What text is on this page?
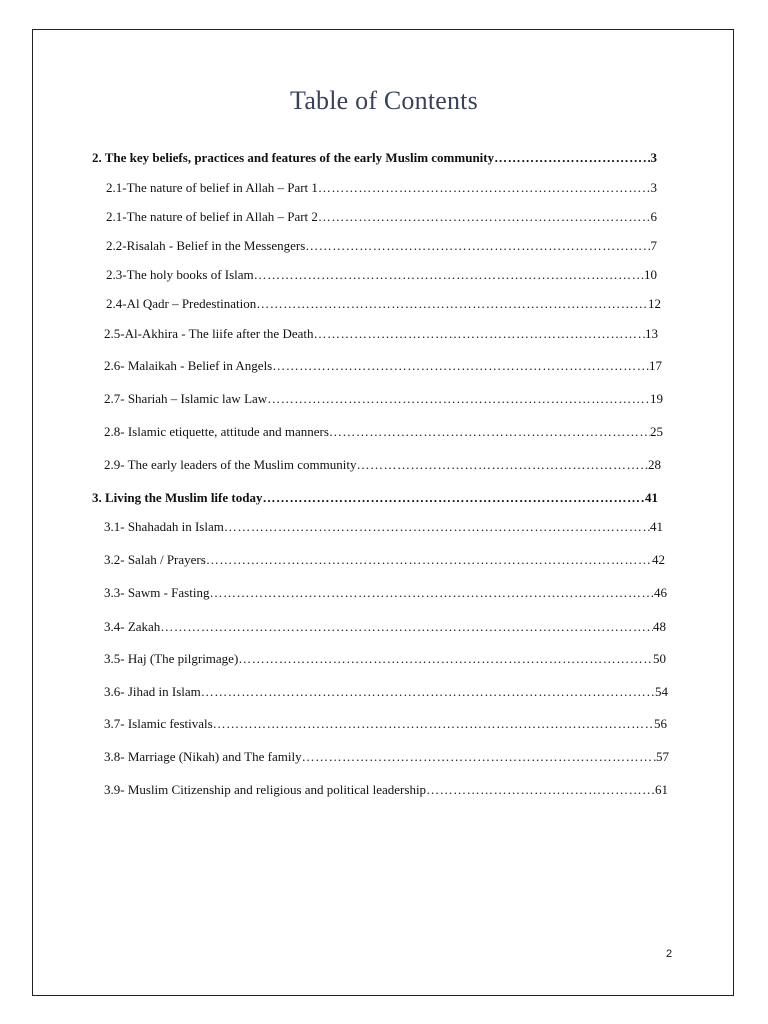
Table of Contents
2. The key beliefs, practices and features of the early Muslim community ……………………………………………………………………………………………………………………………………………………………………………………………………………………………	3
2.1-The nature of belief in Allah – Part 1 ……………………………………………………………………………………………………………………………………………………………………………………………………………………………	3
2.1-The nature of belief in Allah – Part 2 ……………………………………………………………………………………………………………………………………………………………………………………………………………………………	6
2.2-Risalah - Belief in the Messengers ……………………………………………………………………………………………………………………………………………………………………………………………………………………………	7
2.3-The holy books of Islam ……………………………………………………………………………………………………………………………………………………………………………………………………………………………	10
2.4-Al Qadr – Predestination ……………………………………………………………………………………………………………………………………………………………………………………………………………………………	12
2.5-Al-Akhira - The liife after the Death ……………………………………………………………………………………………………………………………………………………………………………………………………………………………	13
2.6- Malaikah - Belief in Angels ……………………………………………………………………………………………………………………………………………………………………………………………………………………………	17
2.7- Shariah – Islamic law Law ……………………………………………………………………………………………………………………………………………………………………………………………………………………………	19
2.8- Islamic etiquette, attitude and manners ……………………………………………………………………………………………………………………………………………………………………………………………………………………………	25
2.9- The early leaders of the Muslim community ……………………………………………………………………………………………………………………………………………………………………………………………………………………………	28
3. Living the Muslim life today ……………………………………………………………………………………………………………………………………………………………………………………………………………………………	41
3.1- Shahadah in Islam ……………………………………………………………………………………………………………………………………………………………………………………………………………………………	41
3.2- Salah / Prayers ……………………………………………………………………………………………………………………………………………………………………………………………………………………………	42
3.3- Sawm - Fasting ……………………………………………………………………………………………………………………………………………………………………………………………………………………………	46
3.4- Zakah ……………………………………………………………………………………………………………………………………………………………………………………………………………………………	48
3.5- Haj (The pilgrimage) ……………………………………………………………………………………………………………………………………………………………………………………………………………………………	50
3.6- Jihad in Islam ……………………………………………………………………………………………………………………………………………………………………………………………………………………………	54
3.7- Islamic festivals ……………………………………………………………………………………………………………………………………………………………………………………………………………………………	56
3.8- Marriage (Nikah) and The family ……………………………………………………………………………………………………………………………………………………………………………………………………………………………	57
3.9- Muslim Citizenship and religious and political leadership ……………………………………………………………………………………………………………………………………………………………………………………………………………………………	61
2
